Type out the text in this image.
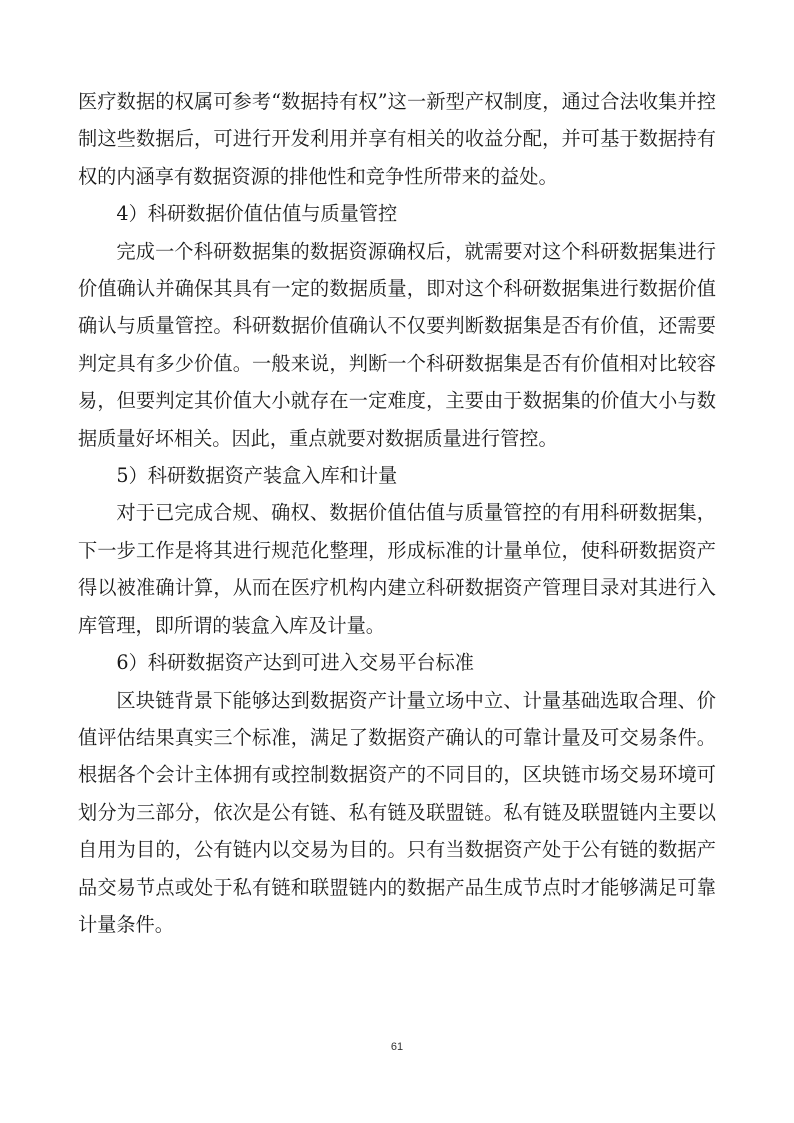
医疗数据的权属可参考“数据持有权”这一新型产权制度，通过合法收集并控制这些数据后，可进行开发利用并享有相关的收益分配，并可基于数据持有权的内涵享有数据资源的排他性和竞争性所带来的益处。

4）科研数据价值估值与质量管控

完成一个科研数据集的数据资源确权后，就需要对这个科研数据集进行价值确认并确保其具有一定的数据质量，即对这个科研数据集进行数据价值确认与质量管控。科研数据价值确认不仅要判断数据集是否有价值，还需要判定具有多少价值。一般来说，判断一个科研数据集是否有价值相对比较容易，但要判定其价值大小就存在一定难度，主要由于数据集的价值大小与数据质量好坏相关。因此，重点就要对数据质量进行管控。

5）科研数据资产装盒入库和计量

对于已完成合规、确权、数据价值估值与质量管控的有用科研数据集，下一步工作是将其进行规范化整理，形成标准的计量单位，使科研数据资产得以被准确计算，从而在医疗机构内建立科研数据资产管理目录对其进行入库管理，即所谓的装盒入库及计量。

6）科研数据资产达到可进入交易平台标准

区块链背景下能够达到数据资产计量立场中立、计量基础选取合理、价值评估结果真实三个标准，满足了数据资产确认的可靠计量及可交易条件。根据各个会计主体拥有或控制数据资产的不同目的，区块链市场交易环境可划分为三部分，依次是公有链、私有链及联盟链。私有链及联盟链内主要以自用为目的，公有链内以交易为目的。只有当数据资产处于公有链的数据产品交易节点或处于私有链和联盟链内的数据产品生成节点时才能够满足可靠计量条件。

61
